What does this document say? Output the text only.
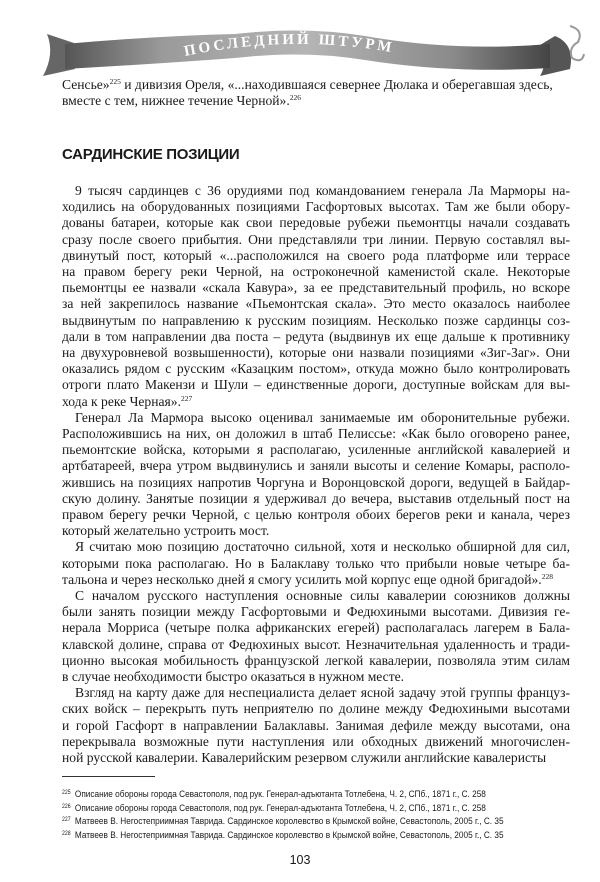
ПОСЛЕДНИЙ ШТУРМ
Сенсье»$^{225}$ и дивизия Ореля, «...находившаяся севернее Дюлака и оберегавшая здесь,
вместе с тем, нижнее течение Черной».$^{226}$
САРДИНСКИЕ ПОЗИЦИИ
9 тысяч сардинцев с 36 орудиями под командованием генерала Ла Марморы на-
ходились на оборудованных позициями Гасфортовых высотах. Там же были обору-
дованы батареи, которые как свои передовые рубежи пьемонтцы начали создавать
сразу после своего прибытия. Они представляли три линии. Первую составлял вы-
двинутый пост, который «...расположился на своего рода платформе или террасе
на правом берегу реки Черной, на остроконечной каменистой скале. Некоторые
пьемонтцы ее назвали «скала Кавура», за ее представительный профиль, но вскоре
за ней закрепилось название «Пьемонтская скала». Это место оказалось наиболее
выдвинутым по направлению к русским позициям. Несколько позже сардинцы соз-
дали в том направлении два поста – редута (выдвинув их еще дальше к противнику
на двухуровневой возвышенности), которые они назвали позициями «Зиг-Заг». Они
оказались рядом с русским «Казацким постом», откуда можно было контролировать
отроги плато Макензи и Шули – единственные дороги, доступные войскам для вы-
хода к реке Черная».$^{227}$
Генерал Ла Мармора высоко оценивал занимаемые им оборонительные рубежи.
Расположившись на них, он доложил в штаб Пелиссье: «Как было оговорено ранее,
пьемонтские войска, которыми я располагаю, усиленные английской кавалерией и
артбатареей, вчера утром выдвинулись и заняли высоты и селение Комары, располо-
жившись на позициях напротив Чоргуна и Воронцовской дороги, ведущей в Байдар-
скую долину. Занятые позиции я удерживал до вечера, выставив отдельный пост на
правом берегу речки Черной, с целью контроля обоих берегов реки и канала, через
который желательно устроить мост.
Я считаю мою позицию достаточно сильной, хотя и несколько обширной для сил,
которыми пока располагаю. Но в Балаклаву только что прибыли новые четыре ба-
тальона и через несколько дней я смогу усилить мой корпус еще одной бригадой».$^{228}$
С началом русского наступления основные силы кавалерии союзников должны
были занять позиции между Гасфортовыми и Федюхиными высотами. Дивизия ге-
нерала Морриса (четыре полка африканских егерей) располагалась лагерем в Бала-
клавской долине, справа от Федюхиных высот. Незначительная удаленность и тради-
ционно высокая мобильность французской легкой кавалерии, позволяла этим силам
в случае необходимости быстро оказаться в нужном месте.
Взгляд на карту даже для неспециалиста делает ясной задачу этой группы францyз-
ских войск – перекрыть путь неприятелю по долине между Федюхиными высотами
и горой Гасфорт в направлении Балаклавы. Занимая дефиле между высотами, она
перекрывала возможные пути наступления или обходных движений многочислен-
ной русской кавалерии. Кавалерийским резервом служили английские кавалеристы
225 Описание обороны города Севастополя, под рук. Генерал-адъютанта Тотлебена, Ч. 2, СПб., 1871 г., С. 258
226 Описание обороны города Севастополя, под рук. Генерал-адъютанта Тотлебена, Ч. 2, СПб., 1871 г., С. 258
227 Матвеев В. Негостеприимная Таврида. Сардинское королевство в Крымской войне, Севастополь, 2005 г., С. 35
228 Матвеев В. Негостеприимная Таврида. Сардинское королевство в Крымской войне, Севастополь, 2005 г., С. 35
103
